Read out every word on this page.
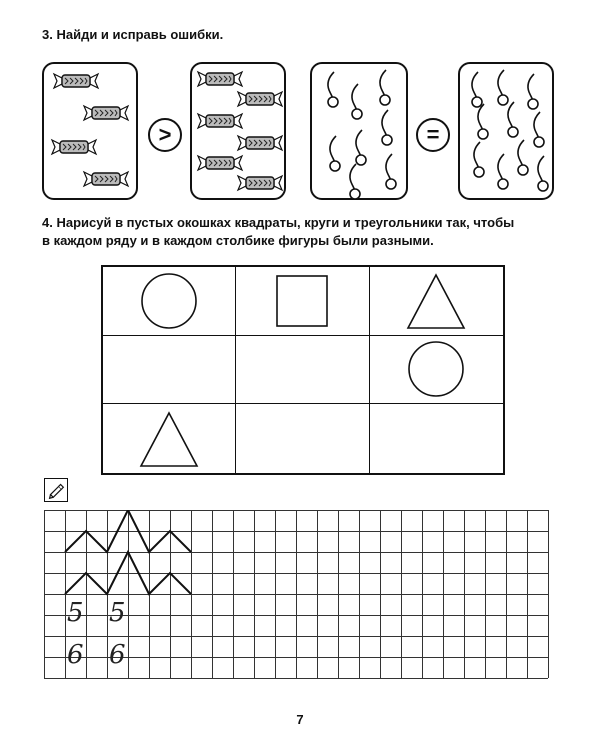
3. Найди и исправь ошибки.
>	=
4. Нарисуй в пустых окошках квадраты, круги и треугольники так, чтобы
в каждом ряду и в каждом столбике фигуры были разными.
7
5 5
6 6
